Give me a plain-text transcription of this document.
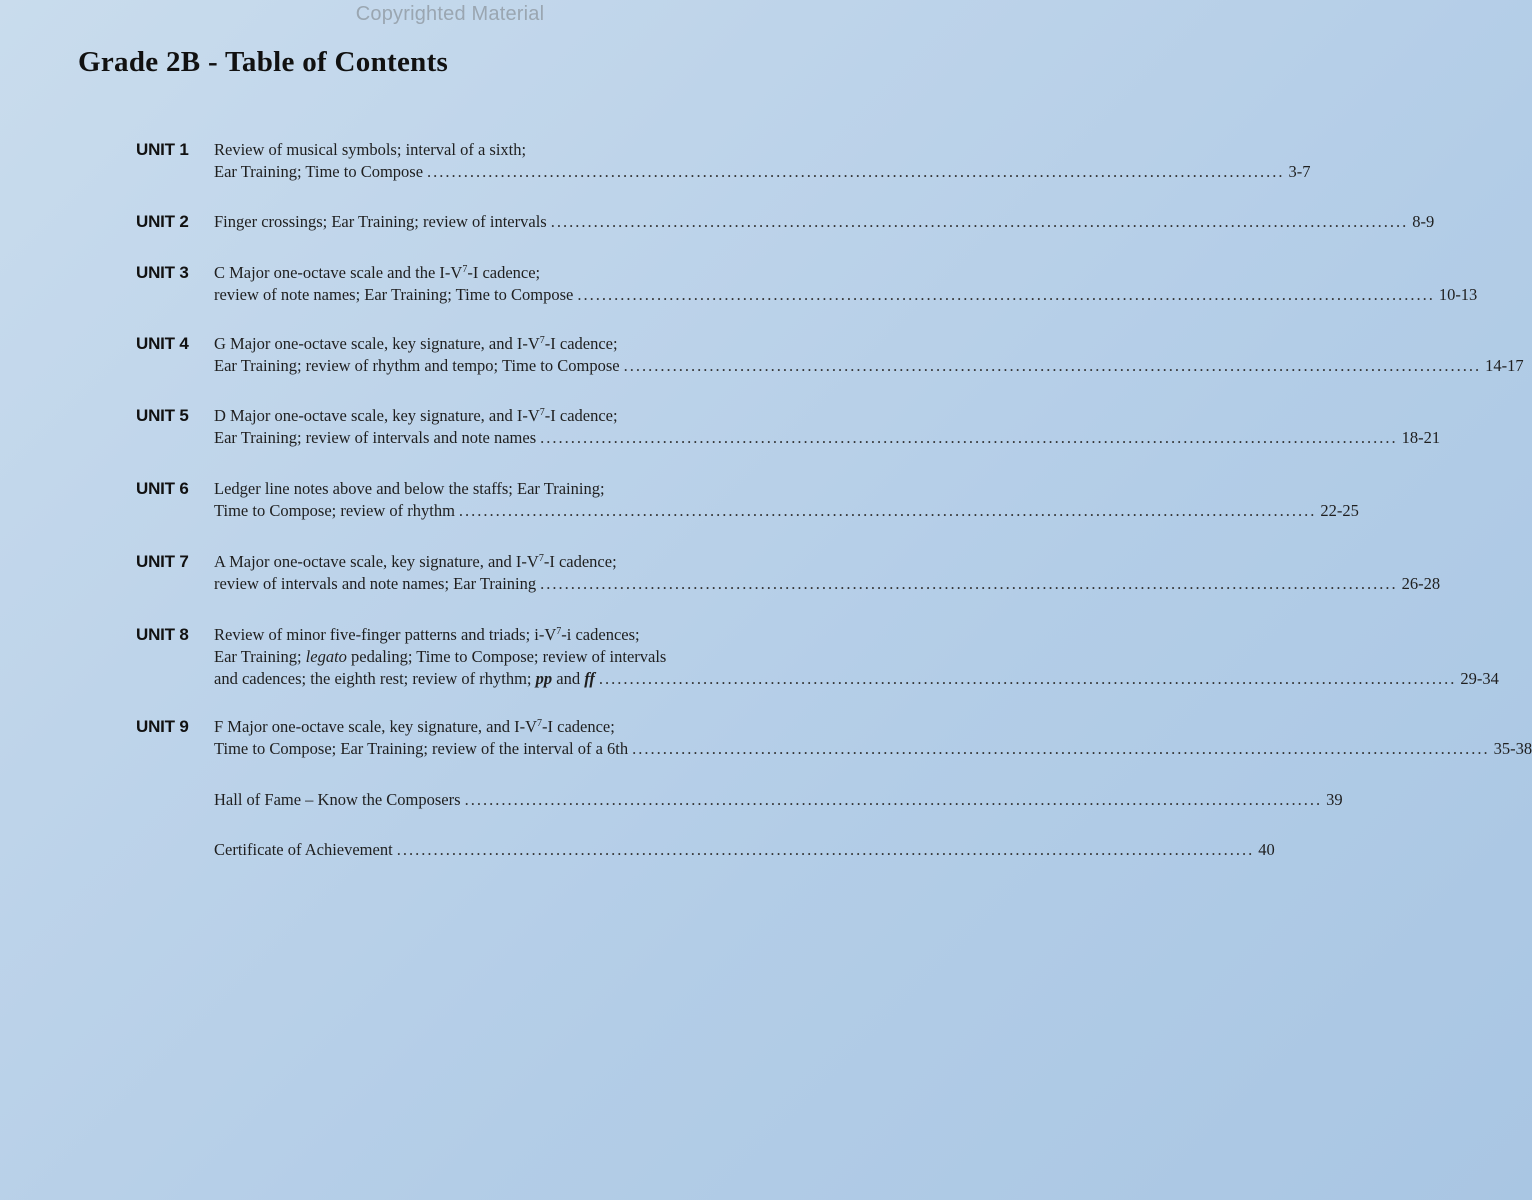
Copyrighted Material
Grade 2B - Table of Contents
UNIT 1 Review of musical symbols; interval of a sixth;
Ear Training; Time to Compose ............................................................................................................................................ 3-7
UNIT 2 Finger crossings; Ear Training; review of intervals ............................................................................................................................................ 8-9
UNIT 3 C Major one-octave scale and the $I-V^7-I$ cadence;
review of note names; Ear Training; Time to Compose ............................................................................................................................................ 10-13
UNIT 4 G Major one-octave scale, key signature, and $I-V^7-I$ cadence;
Ear Training; review of rhythm and tempo; Time to Compose ............................................................................................................................................ 14-17
UNIT 5 D Major one-octave scale, key signature, and $I-V^7-I$ cadence;
Ear Training; review of intervals and note names ............................................................................................................................................ 18-21
UNIT 6 Ledger line notes above and below the staffs; Ear Training;
Time to Compose; review of rhythm ............................................................................................................................................ 22-25
UNIT 7 A Major one-octave scale, key signature, and $I-V^7-I$ cadence;
review of intervals and note names; Ear Training ............................................................................................................................................ 26-28
UNIT 8 Review of minor five-finger patterns and triads; $i-V^7-i$ cadences;
Ear Training; legato pedaling; Time to Compose; review of intervals
and cadences; the eighth rest; review of rhythm; pp and ff ............................................................................................................................................ 29-34
UNIT 9 F Major one-octave scale, key signature, and $I-V^7-I$ cadence;
Time to Compose; Ear Training; review of the interval of a 6th ............................................................................................................................................ 35-38
Hall of Fame – Know the Composers ............................................................................................................................................ 39
Certificate of Achievement ............................................................................................................................................ 40
